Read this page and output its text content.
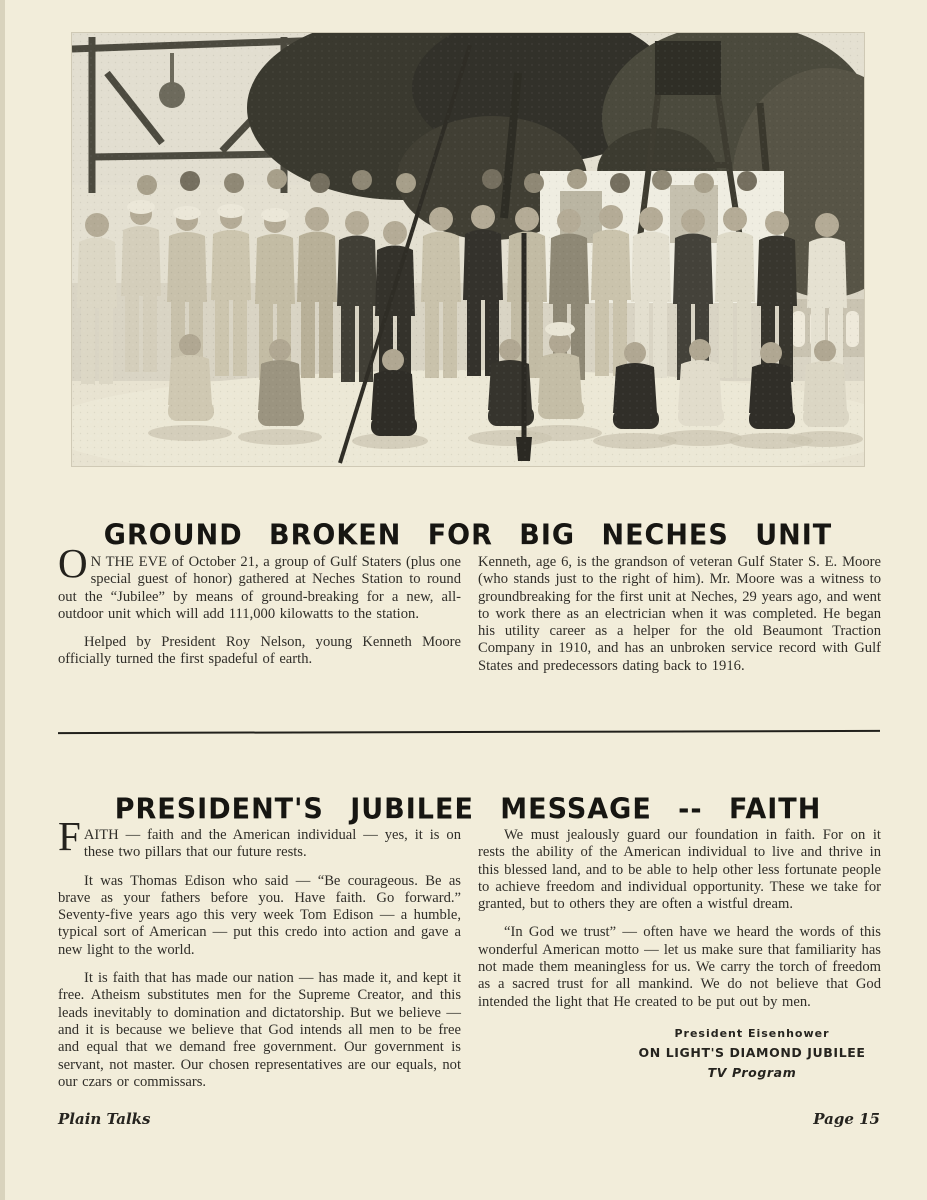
GROUND BROKEN FOR BIG NECHES UNIT

O N THE EVE of October 21, a group of Gulf Staters (plus one special guest of honor) gathered at Neches Station to round out the “Jubilee” by means of ground-breaking for a new, all-outdoor unit which will add 111,000 kilowatts to the station.

Helped by President Roy Nelson, young Kenneth Moore officially turned the first spadeful of earth.

Kenneth, age 6, is the grandson of veteran Gulf Stater S. E. Moore (who stands just to the right of him). Mr. Moore was a witness to groundbreaking for the first unit at Neches, 29 years ago, and went to work there as an electrician when it was completed. He began his utility career as a helper for the old Beaumont Traction Company in 1910, and has an unbroken service record with Gulf States and predecessors dating back to 1916.

PRESIDENT'S JUBILEE MESSAGE -- FAITH

FAITH — faith and the American individual — yes, it is on these two pillars that our future rests.

It was Thomas Edison who said — “Be courageous. Be as brave as your fathers before you. Have faith. Go forward.” Seventy-five years ago this very week Tom Edison — a humble, typical sort of American — put this credo into action and gave a new light to the world.

It is faith that has made our nation — has made it, and kept it free. Atheism substitutes men for the Supreme Creator, and this leads inevitably to domination and dictatorship. But we believe — and it is because we believe that God intends all men to be free and equal that we demand free government. Our government is servant, not master. Our chosen representatives are our equals, not our czars or commissars.

We must jealously guard our foundation in faith. For on it rests the ability of the American individual to live and thrive in this blessed land, and to be able to help other less fortunate people to achieve freedom and individual opportunity. These we take for granted, but to others they are often a wistful dream.

“In God we trust” — often have we heard the words of this wonderful American motto — let us make sure that familiarity has not made them meaningless for us. We carry the torch of freedom as a sacred trust for all mankind. We do not believe that God intended the light that He created to be put out by men.

President Eisenhower
ON LIGHT'S DIAMOND JUBILEE
TV Program
Plain Talks	Page 15
